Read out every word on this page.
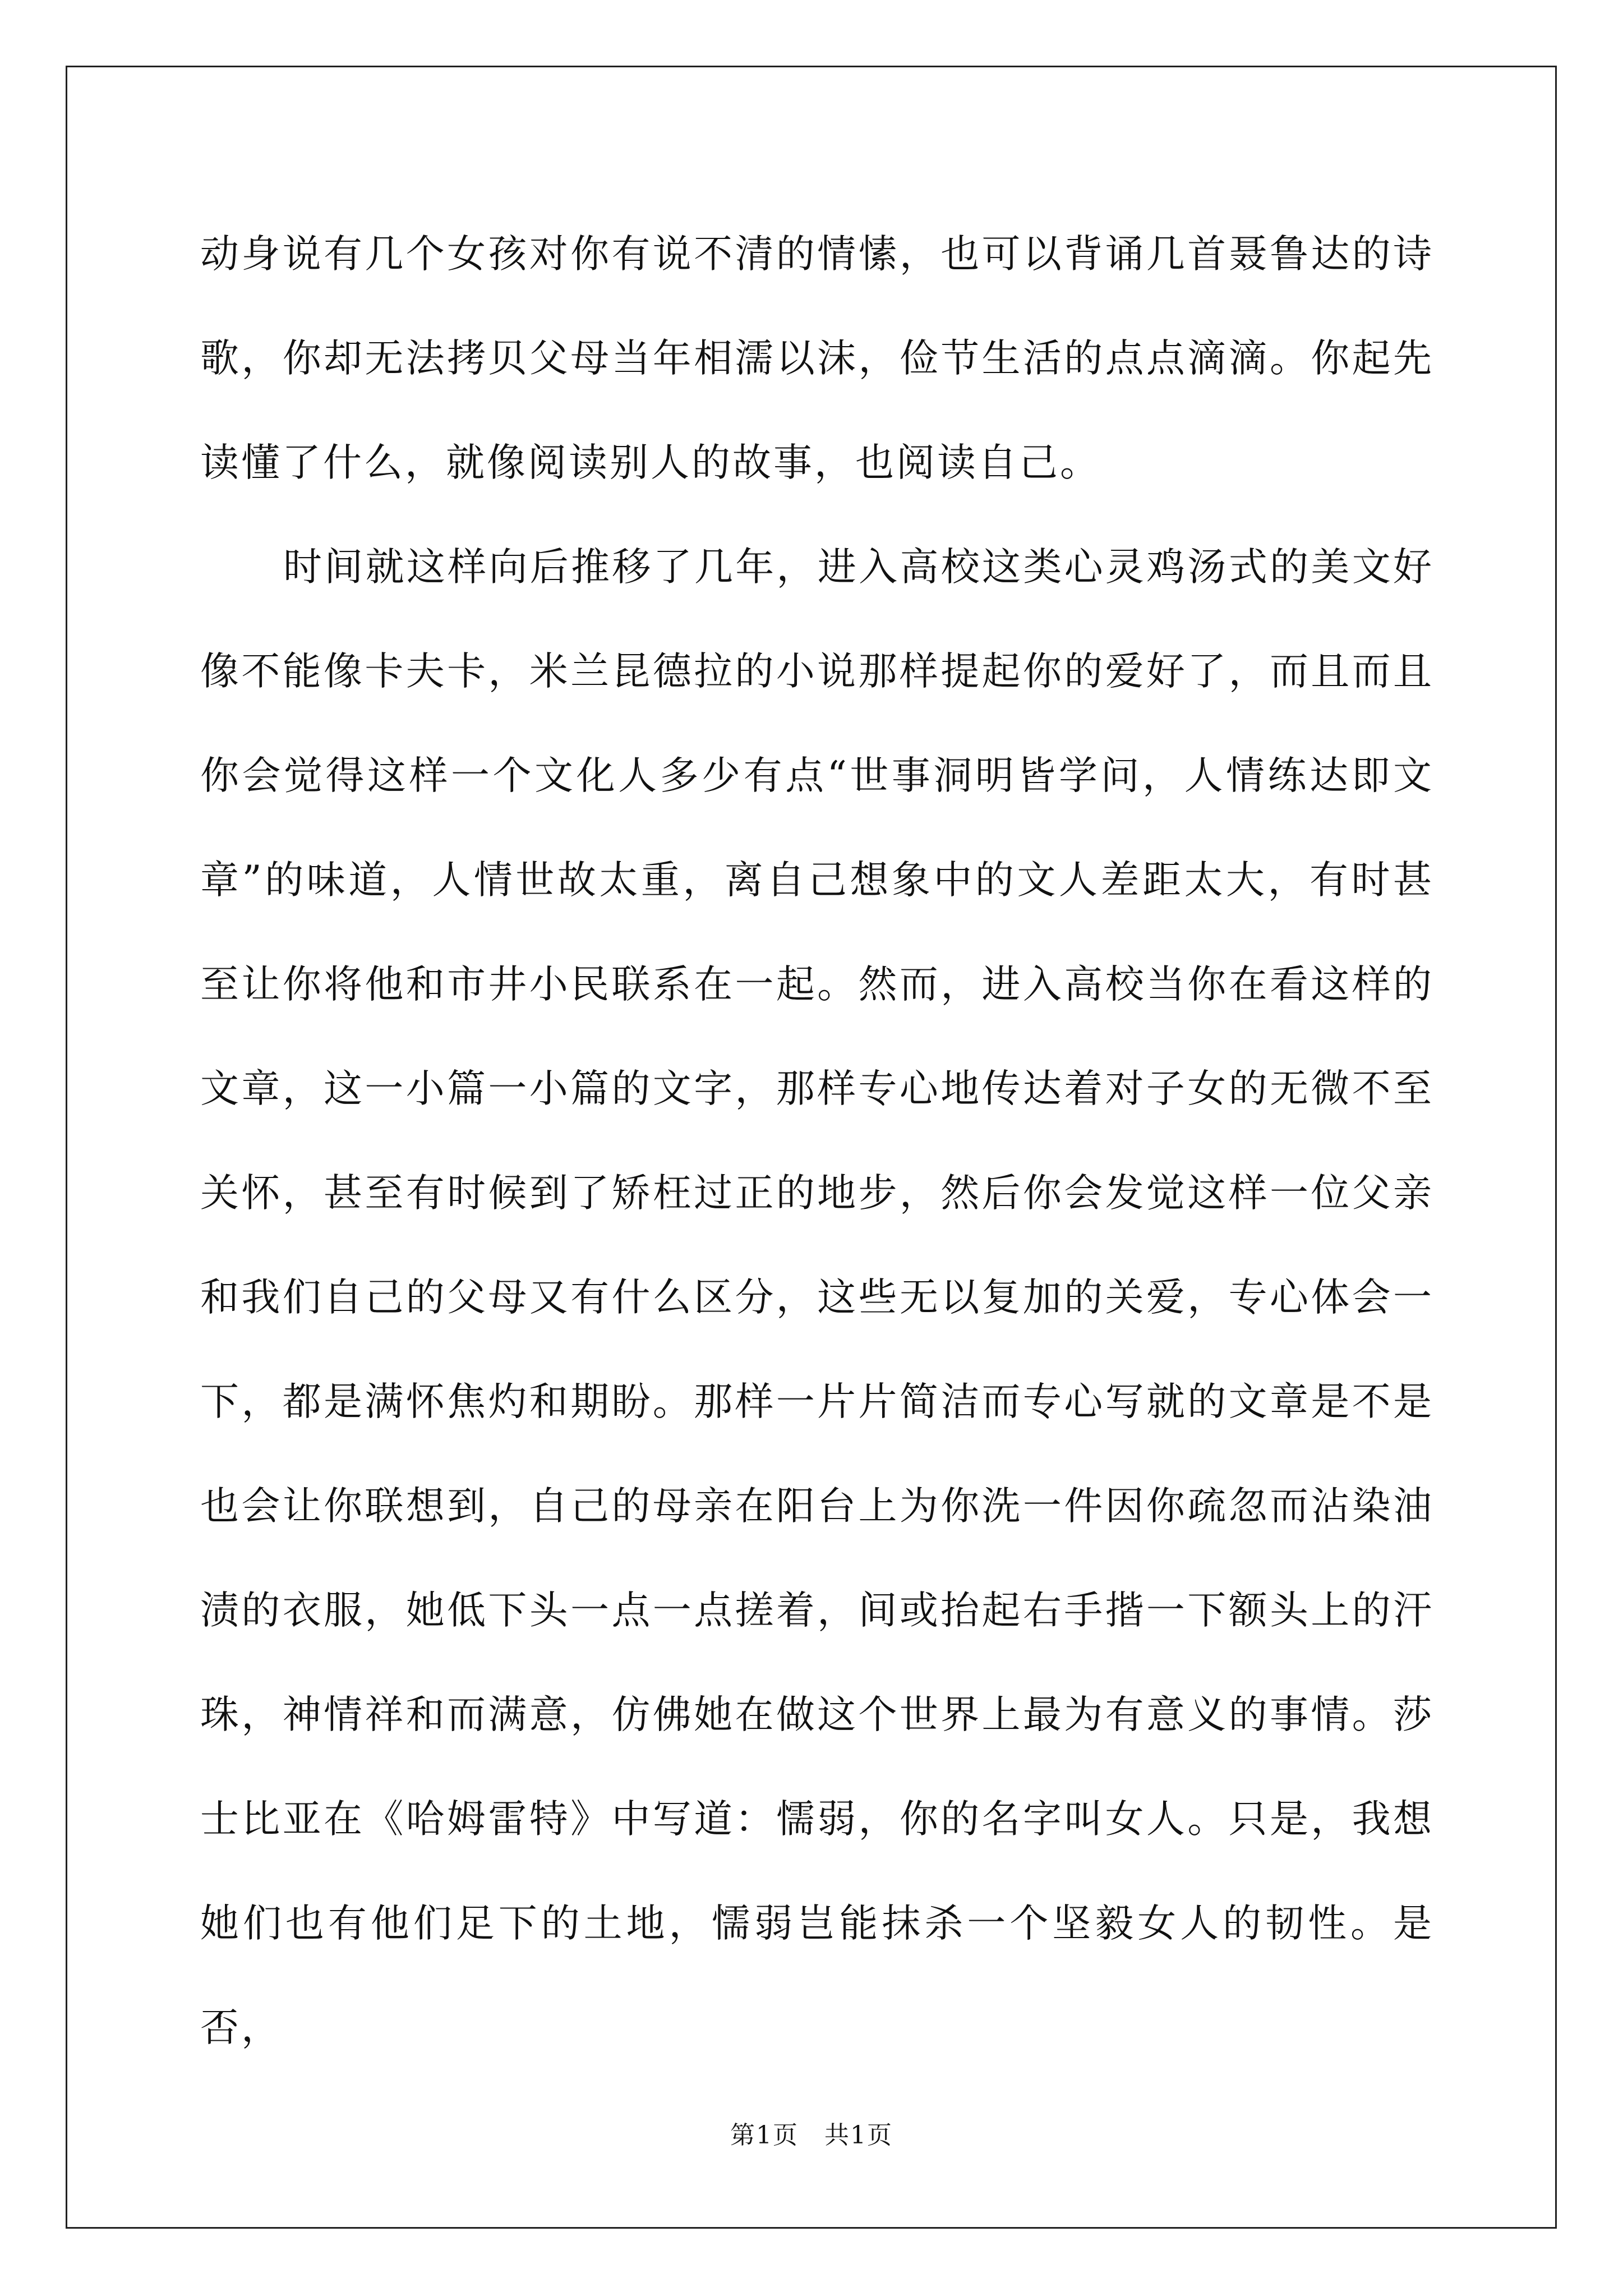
动身说有几个女孩对你有说不清的情愫，也可以背诵几首聂鲁达的诗歌，你却无法拷贝父母当年相濡以沫，俭节生活的点点滴滴。你起先读懂了什么，就像阅读别人的故事，也阅读自己。

时间就这样向后推移了几年，进入高校这类心灵鸡汤式的美文好像不能像卡夫卡，米兰昆德拉的小说那样提起你的爱好了，而且而且你会觉得这样一个文化人多少有点“世事洞明皆学问，人情练达即文章”的味道，人情世故太重，离自己想象中的文人差距太大，有时甚至让你将他和市井小民联系在一起。然而，进入高校当你在看这样的文章，这一小篇一小篇的文字，那样专心地传达着对子女的无微不至关怀，甚至有时候到了矫枉过正的地步，然后你会发觉这样一位父亲和我们自己的父母又有什么区分，这些无以复加的关爱，专心体会一下，都是满怀焦灼和期盼。那样一片片简洁而专心写就的文章是不是也会让你联想到，自己的母亲在阳台上为你洗一件因你疏忽而沾染油渍的衣服，她低下头一点一点搓着，间或抬起右手揩一下额头上的汗珠，神情祥和而满意，仿佛她在做这个世界上最为有意义的事情。莎士比亚在《哈姆雷特》中写道：懦弱，你的名字叫女人。只是，我想她们也有他们足下的土地，懦弱岂能抹杀一个坚毅女人的韧性。是否，

第1页　共1页
